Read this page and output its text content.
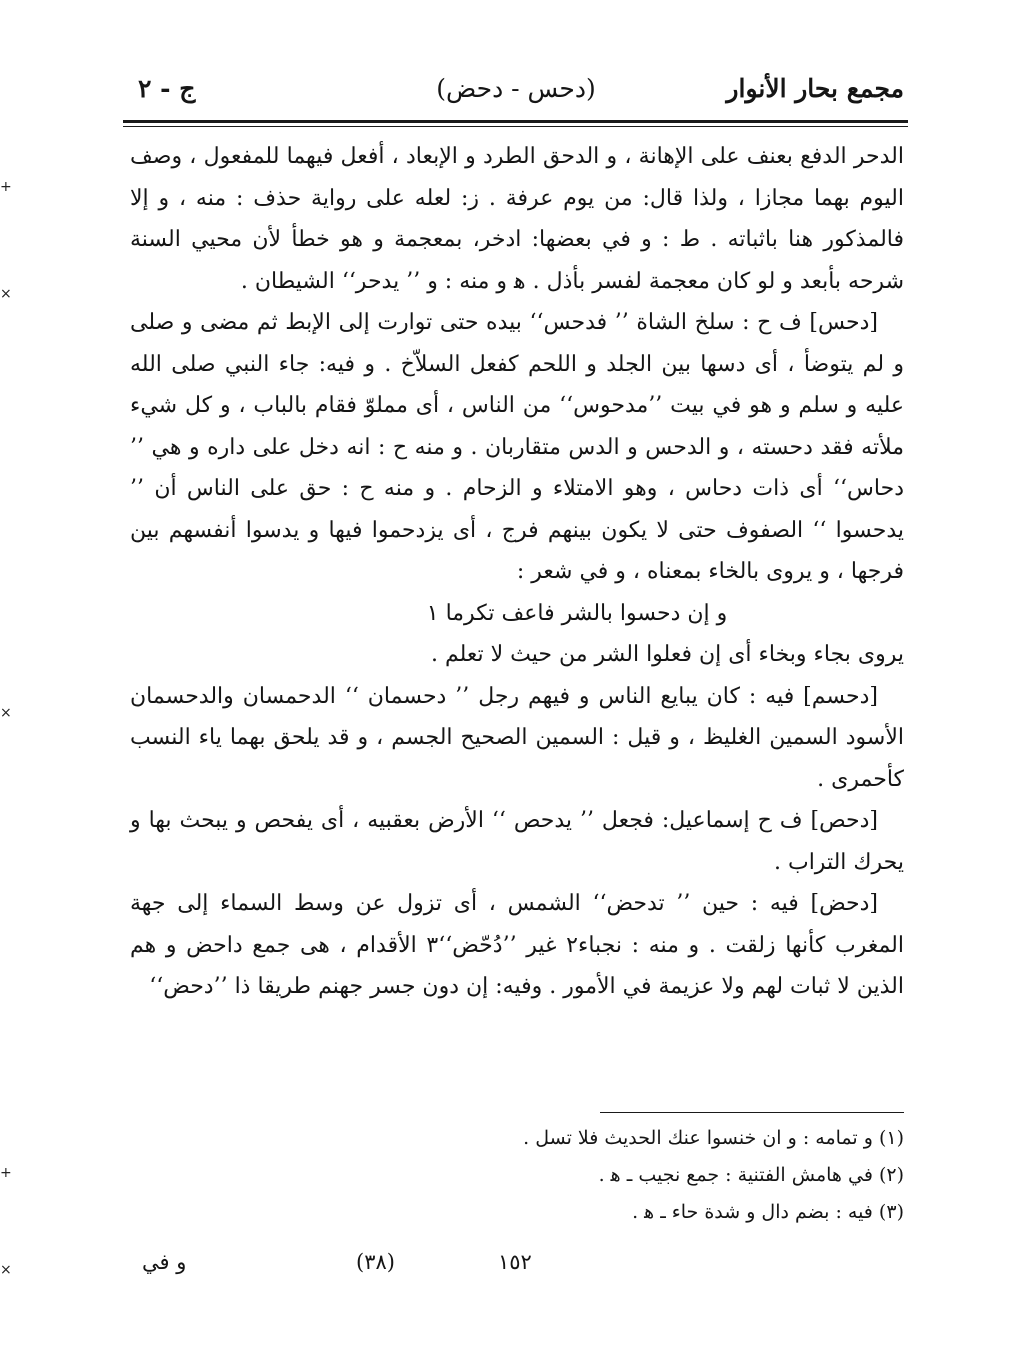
+
×
×
+
×
مجمع بحار الأنوار
(دحس - دحض)
ج - ٢

الدحر الدفع بعنف على الإهانة ، و الدحق الطرد و الإبعاد ، أفعل فيهما للمفعول ، وصف اليوم بهما مجازا ، ولذا قال: من يوم عرفة . ز: لعله على رواية حذف : منه ، و إلا فالمذكور هنا باثباته . ط : و في بعضها: ادخر، بمعجمة و هو خطأ لأن محيي السنة شرحه بأبعد و لو كان معجمة لفسر بأذل . ﻫ و منه : و ’’ يدحر‘‘ الشيطان .

[دحس] ف ح : سلخ الشاة ’’ فدحس‘‘ بيده حتى توارت إلى الإبط ثم مضى و صلى و لم يتوضأ ، أى دسها بين الجلد و اللحم كفعل السلاّخ . و فيه: جاء النبي صلى الله عليه و سلم و هو في بيت ’’مدحوس‘‘ من الناس ، أى مملوّ فقام بالباب ، و كل شيء ملأته فقد دحسته ، و الدحس و الدس متقاربان . و منه ح : انه دخل على داره و هي ’’ دحاس‘‘ أى ذات دحاس ، وهو الامتلاء و الزحام . و منه ح : حق على الناس أن ’’ يدحسوا ‘‘ الصفوف حتى لا يكون بينهم فرج ، أى يزدحموا فيها و يدسوا أنفسهم بين فرجها ، و يروى بالخاء بمعناه ، و في شعر :

و إن دحسوا بالشر فاعف تكرما ١

يروى بجاء وبخاء أى إن فعلوا الشر من حيث لا تعلم .

[دحسم] فيه : كان يبايع الناس و فيهم رجل ’’ دحسمان ‘‘ الدحمسان والدحسمان الأسود السمين الغليظ ، و قيل : السمين الصحيح الجسم ، و قد يلحق بهما ياء النسب كأحمرى .

[دحص] ف ح إسماعيل: فجعل ’’ يدحص ‘‘ الأرض بعقبيه ، أى يفحص و يبحث بها و يحرك التراب .

[دحض] فيه : حين ’’ تدحض‘‘ الشمس ، أى تزول عن وسط السماء إلى جهة المغرب كأنها زلقت . و منه : نجباء٢ غير ’’دُحّض‘‘٣ الأقدام ، هى جمع داحض و هم الذين لا ثبات لهم ولا عزيمة في الأمور . وفيه: إن دون جسر جهنم طريقا ذا ’’دحض‘‘

(١) و تمامه : و ان خنسوا عنك الحديث فلا تسل .

(٢) في هامش الفتنية : جمع نجيب ـ ﻫ .

(٣) فيه : بضم دال و شدة حاء ـ ﻫ .

١٥٢
(٣٨)
و في
